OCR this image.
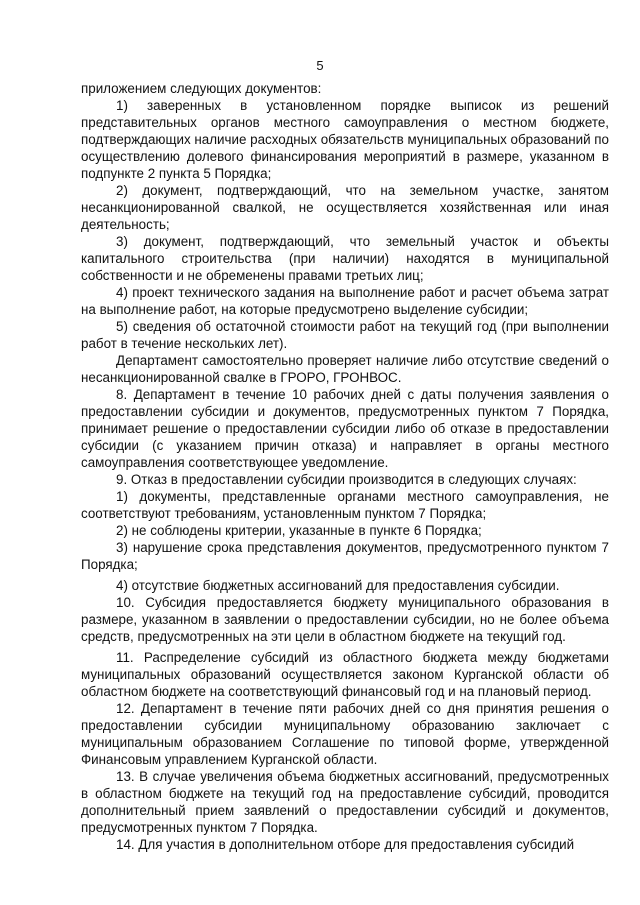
5

приложением следующих документов:

1) заверенных в установленном порядке выписок из решений представительных органов местного самоуправления о местном бюджете, подтверждающих наличие расходных обязательств муниципальных образований по осуществлению долевого финансирования мероприятий в размере, указанном в подпункте 2 пункта 5 Порядка;

2) документ, подтверждающий, что на земельном участке, занятом несанкционированной свалкой, не осуществляется хозяйственная или иная деятельность;

3) документ, подтверждающий, что земельный участок и объекты капитального строительства (при наличии) находятся в муниципальной собственности и не обременены правами третьих лиц;

4) проект технического задания на выполнение работ и расчет объема затрат на выполнение работ, на которые предусмотрено выделение субсидии;

5) сведения об остаточной стоимости работ на текущий год (при выполнении работ в течение нескольких лет).

Департамент самостоятельно проверяет наличие либо отсутствие сведений о несанкционированной свалке в ГРОРО, ГРОНВОС.

8. Департамент в течение 10 рабочих дней с даты получения заявления о предоставлении субсидии и документов, предусмотренных пунктом 7 Порядка, принимает решение о предоставлении субсидии либо об отказе в предоставлении субсидии (с указанием причин отказа) и направляет в органы местного самоуправления соответствующее уведомление.

9. Отказ в предоставлении субсидии производится в следующих случаях:

1) документы, представленные органами местного самоуправления, не соответствуют требованиям, установленным пунктом 7 Порядка;

2) не соблюдены критерии, указанные в пункте 6 Порядка;

3) нарушение срока представления документов, предусмотренного пунктом 7 Порядка;

4) отсутствие бюджетных ассигнований для предоставления субсидии.

10. Субсидия предоставляется бюджету муниципального образования в размере, указанном в заявлении о предоставлении субсидии, но не более объема средств, предусмотренных на эти цели в областном бюджете на текущий год.

11. Распределение субсидий из областного бюджета между бюджетами муниципальных образований осуществляется законом Курганской области об областном бюджете на соответствующий финансовый год и на плановый период.

12. Департамент в течение пяти рабочих дней со дня принятия решения о предоставлении субсидии муниципальному образованию заключает с муниципальным образованием Соглашение по типовой форме, утвержденной Финансовым управлением Курганской области.

13. В случае увеличения объема бюджетных ассигнований, предусмотренных в областном бюджете на текущий год на предоставление субсидий, проводится дополнительный прием заявлений о предоставлении субсидий и документов, предусмотренных пунктом 7 Порядка.

14. Для участия в дополнительном отборе для предоставления субсидий
